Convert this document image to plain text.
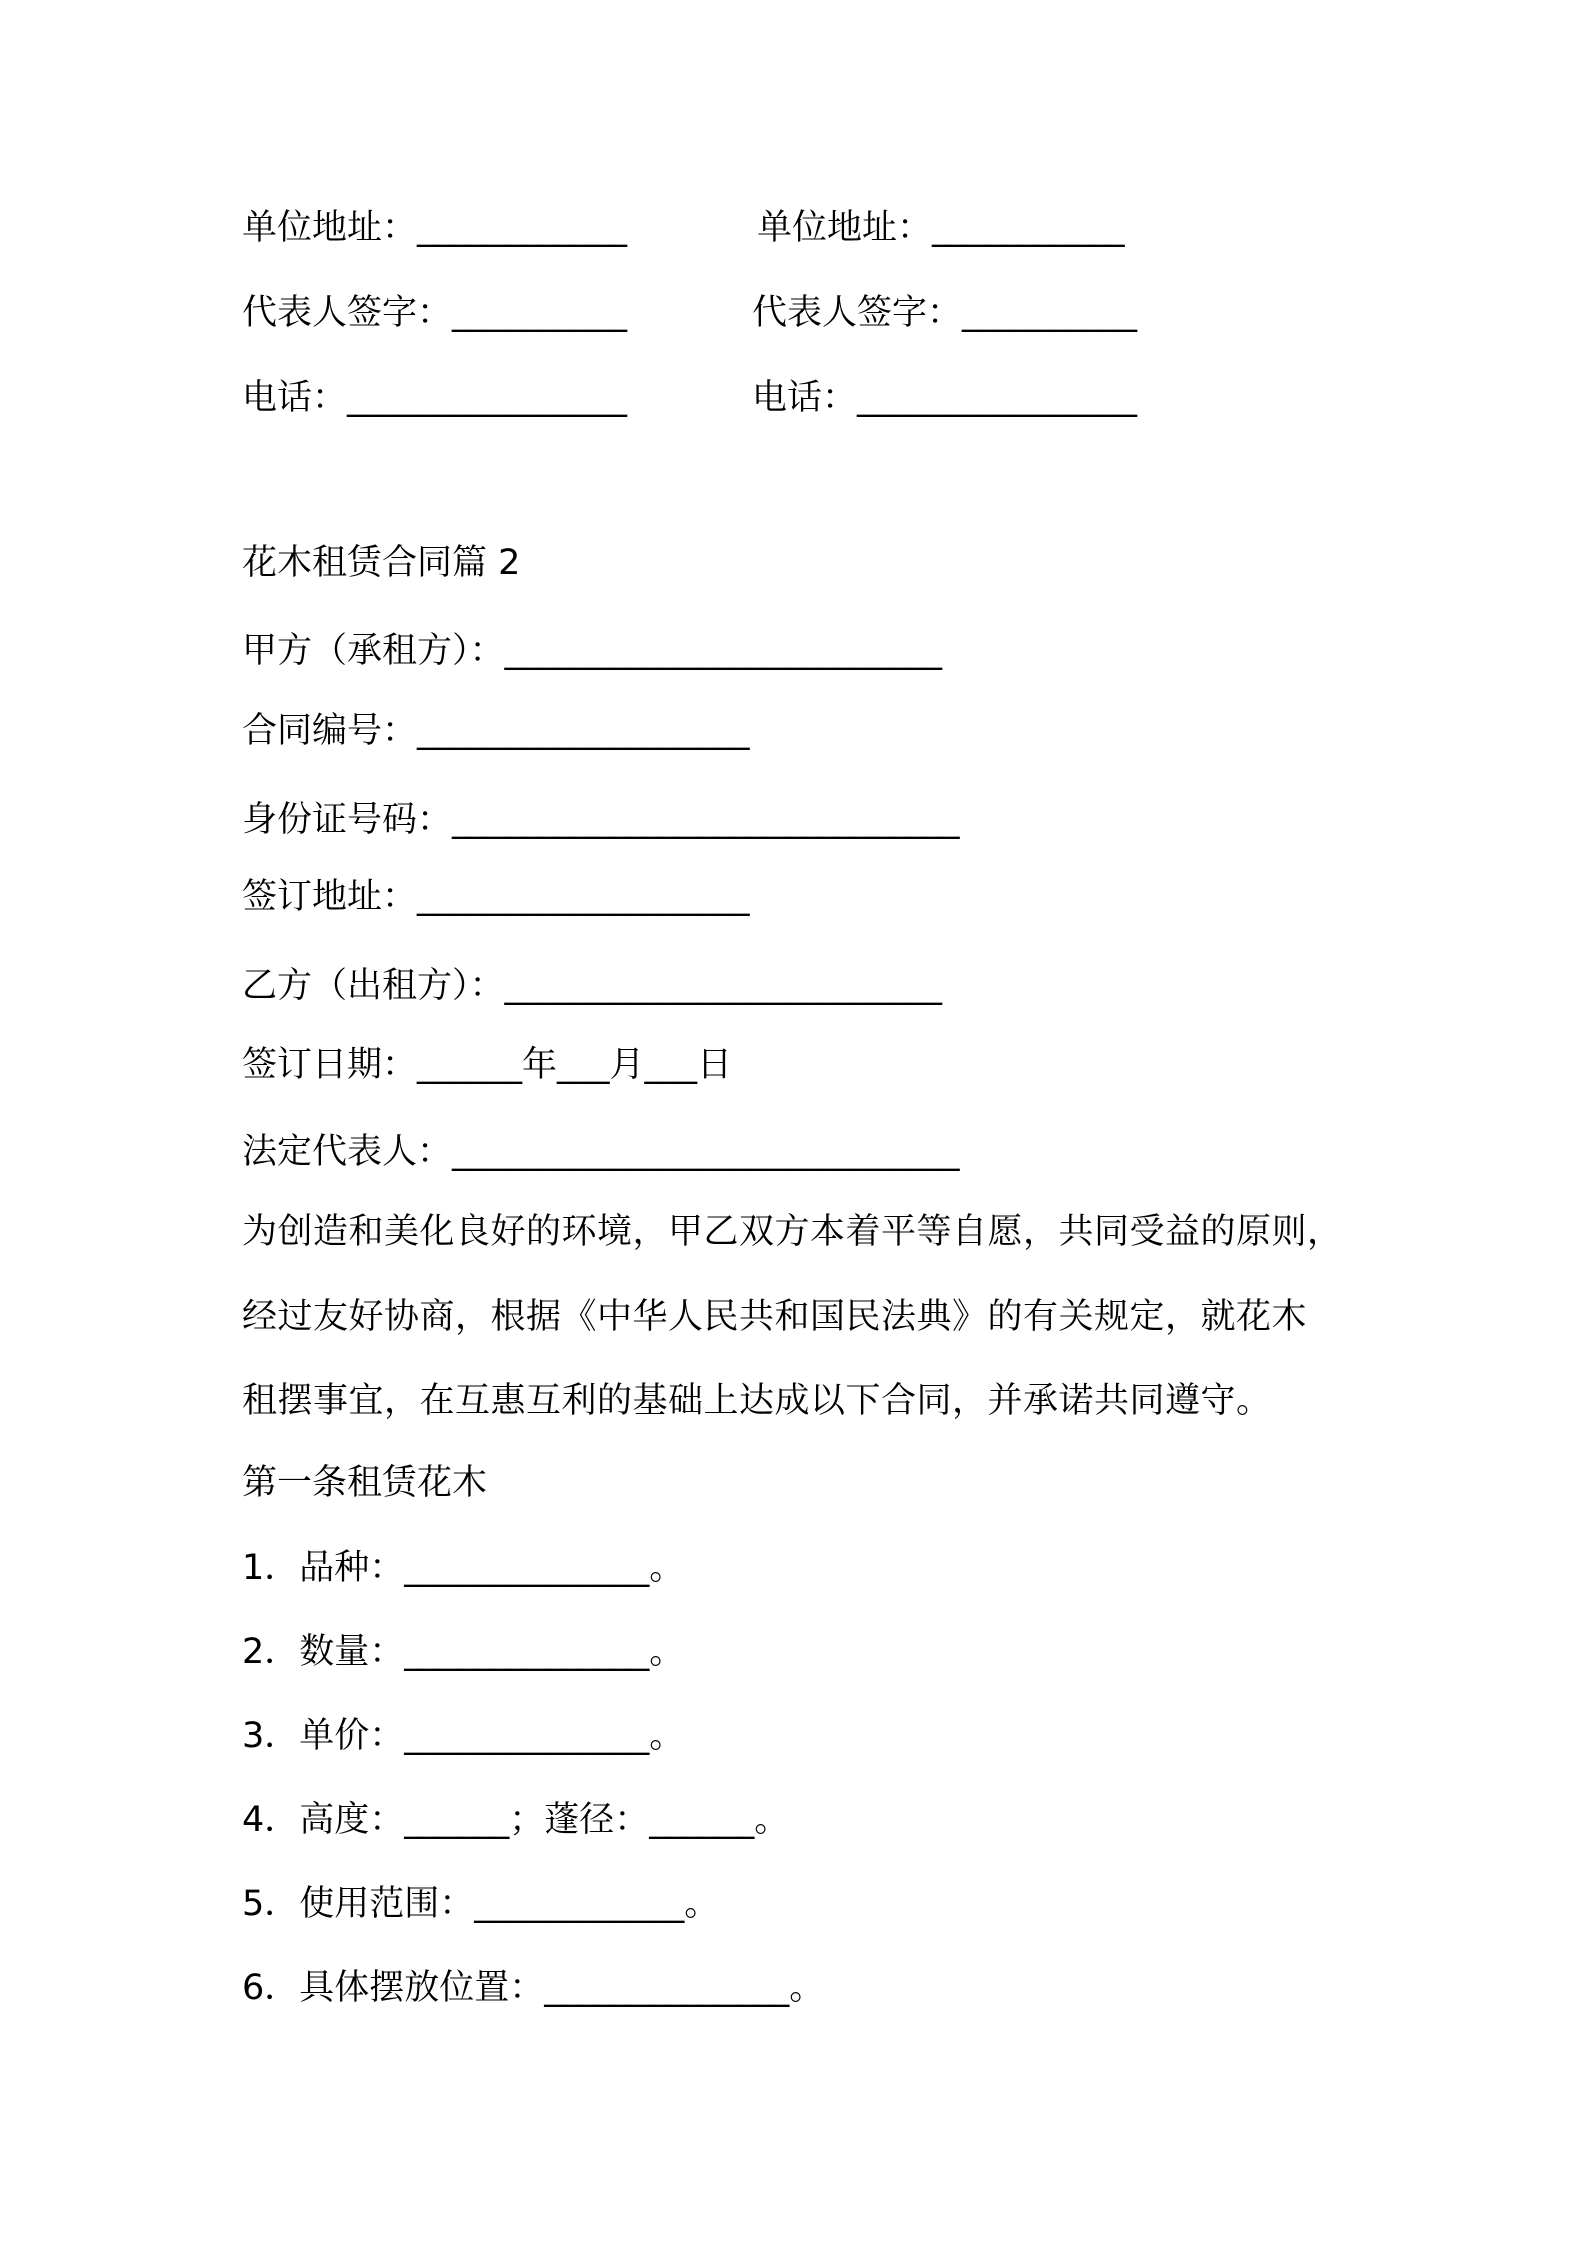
单位地址：____________
代表人签字：__________
电话：________________
单位地址：___________
代表人签字：__________
电话：________________
花木租赁合同篇 2
甲方（承租方）：_________________________
合同编号：___________________
身份证号码：_____________________________
签订地址：___________________
乙方（出租方）：_________________________
签订日期：______年___月___日
法定代表人：_____________________________
为创造和美化良好的环境，甲乙双方本着平等自愿，共同受益的原则，
经过友好协商，根据《中华人民共和国民法典》的有关规定，就花木
租摆事宜，在互惠互利的基础上达成以下合同，并承诺共同遵守。
第一条租赁花木
1．品种：______________。
2．数量：______________。
3．单价：______________。
4．高度：______；蓬径：______。
5．使用范围：____________。
6．具体摆放位置：______________。
